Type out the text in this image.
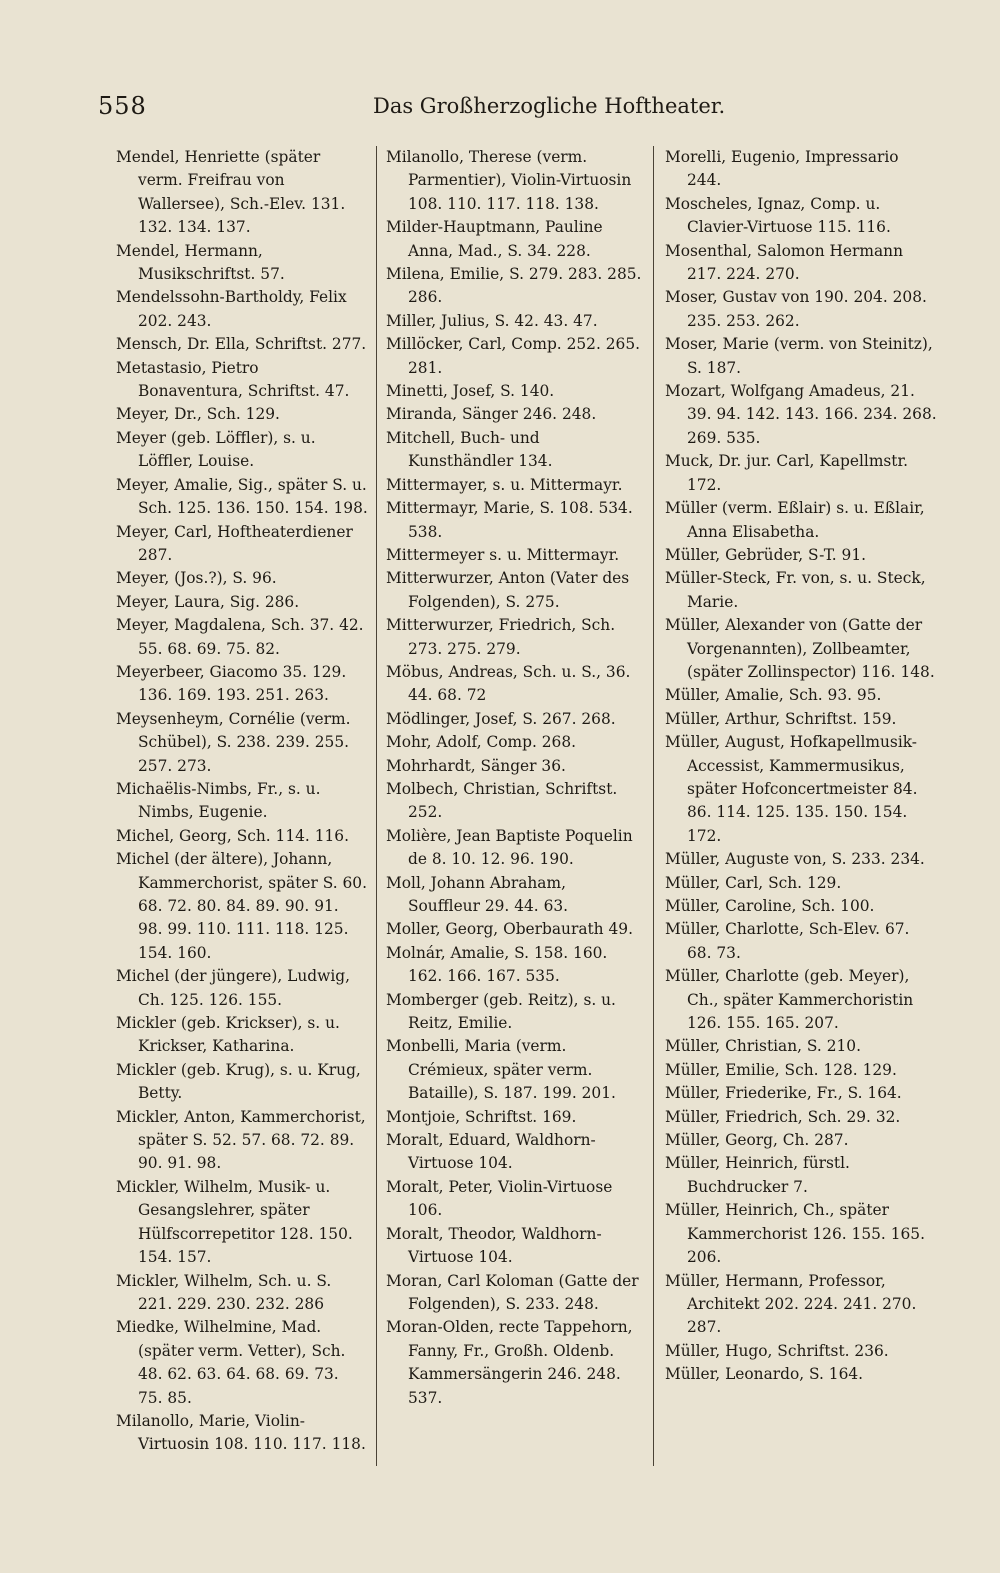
558	Das Großherzogliche Hoftheater.

Mendel, Henriette (später verm. Freifrau von Wallersee), Sch.-Elev. 131. 132. 134. 137.

Mendel, Hermann, Musikschriftst. 57.

Mendelssohn-Bartholdy, Felix 202. 243.

Mensch, Dr. Ella, Schriftst. 277.

Metastasio, Pietro Bonaventura, Schriftst. 47.

Meyer, Dr., Sch. 129.

Meyer (geb. Löffler), s. u. Löffler, Louise.

Meyer, Amalie, Sig., später S. u. Sch. 125. 136. 150. 154. 198.

Meyer, Carl, Hoftheaterdiener 287.

Meyer, (Jos.?), S. 96.

Meyer, Laura, Sig. 286.

Meyer, Magdalena, Sch. 37. 42. 55. 68. 69. 75. 82.

Meyerbeer, Giacomo 35. 129. 136. 169. 193. 251. 263.

Meysenheym, Cornélie (verm. Schübel), S. 238. 239. 255. 257. 273.

Michaëlis-Nimbs, Fr., s. u. Nimbs, Eugenie.

Michel, Georg, Sch. 114. 116.

Michel (der ältere), Johann, Kammerchorist, später S. 60. 68. 72. 80. 84. 89. 90. 91. 98. 99. 110. 111. 118. 125. 154. 160.

Michel (der jüngere), Ludwig, Ch. 125. 126. 155.

Mickler (geb. Krickser), s. u. Krickser, Katharina.

Mickler (geb. Krug), s. u. Krug, Betty.

Mickler, Anton, Kammerchorist, später S. 52. 57. 68. 72. 89. 90. 91. 98.

Mickler, Wilhelm, Musik- u. Gesangslehrer, später Hülfscorrepetitor 128. 150. 154. 157.

Mickler, Wilhelm, Sch. u. S. 221. 229. 230. 232. 286

Miedke, Wilhelmine, Mad. (später verm. Vetter), Sch. 48. 62. 63. 64. 68. 69. 73. 75. 85.

Milanollo, Marie, Violin-Virtuosin 108. 110. 117. 118.

Milanollo, Therese (verm. Parmentier), Violin-Virtuosin 108. 110. 117. 118. 138.

Milder-Hauptmann, Pauline Anna, Mad., S. 34. 228.

Milena, Emilie, S. 279. 283. 285. 286.

Miller, Julius, S. 42. 43. 47.

Millöcker, Carl, Comp. 252. 265. 281.

Minetti, Josef, S. 140.

Miranda, Sänger 246. 248.

Mitchell, Buch- und Kunsthändler 134.

Mittermayer, s. u. Mittermayr.

Mittermayr, Marie, S. 108. 534. 538.

Mittermeyer s. u. Mittermayr.

Mitterwurzer, Anton (Vater des Folgenden), S. 275.

Mitterwurzer, Friedrich, Sch. 273. 275. 279.

Möbus, Andreas, Sch. u. S., 36. 44. 68. 72

Mödlinger, Josef, S. 267. 268.

Mohr, Adolf, Comp. 268.

Mohrhardt, Sänger 36.

Molbech, Christian, Schriftst. 252.

Molière, Jean Baptiste Poquelin de 8. 10. 12. 96. 190.

Moll, Johann Abraham, Souffleur 29. 44. 63.

Moller, Georg, Oberbaurath 49.

Molnár, Amalie, S. 158. 160. 162. 166. 167. 535.

Momberger (geb. Reitz), s. u. Reitz, Emilie.

Monbelli, Maria (verm. Crémieux, später verm. Bataille), S. 187. 199. 201.

Montjoie, Schriftst. 169.

Moralt, Eduard, Waldhorn-Virtuose 104.

Moralt, Peter, Violin-Virtuose 106.

Moralt, Theodor, Waldhorn-Virtuose 104.

Moran, Carl Koloman (Gatte der Folgenden), S. 233. 248.

Moran-Olden, recte Tappehorn, Fanny, Fr., Großh. Oldenb. Kammersängerin 246. 248. 537.

Morelli, Eugenio, Impressario 244.

Moscheles, Ignaz, Comp. u. Clavier-Virtuose 115. 116.

Mosenthal, Salomon Hermann 217. 224. 270.

Moser, Gustav von 190. 204. 208. 235. 253. 262.

Moser, Marie (verm. von Steinitz), S. 187.

Mozart, Wolfgang Amadeus, 21. 39. 94. 142. 143. 166. 234. 268. 269. 535.

Muck, Dr. jur. Carl, Kapellmstr. 172.

Müller (verm. Eßlair) s. u. Eßlair, Anna Elisabetha.

Müller, Gebrüder, S-T. 91.

Müller-Steck, Fr. von, s. u. Steck, Marie.

Müller, Alexander von (Gatte der Vorgenannten), Zollbeamter, (später Zollinspector) 116. 148.

Müller, Amalie, Sch. 93. 95.

Müller, Arthur, Schriftst. 159.

Müller, August, Hofkapellmusik-Accessist, Kammermusikus, später Hofconcertmeister 84. 86. 114. 125. 135. 150. 154. 172.

Müller, Auguste von, S. 233. 234.

Müller, Carl, Sch. 129.

Müller, Caroline, Sch. 100.

Müller, Charlotte, Sch-Elev. 67. 68. 73.

Müller, Charlotte (geb. Meyer), Ch., später Kammerchoristin 126. 155. 165. 207.

Müller, Christian, S. 210.

Müller, Emilie, Sch. 128. 129.

Müller, Friederike, Fr., S. 164.

Müller, Friedrich, Sch. 29. 32.

Müller, Georg, Ch. 287.

Müller, Heinrich, fürstl. Buchdrucker 7.

Müller, Heinrich, Ch., später Kammerchorist 126. 155. 165. 206.

Müller, Hermann, Professor, Architekt 202. 224. 241. 270. 287.

Müller, Hugo, Schriftst. 236.

Müller, Leonardo, S. 164.
